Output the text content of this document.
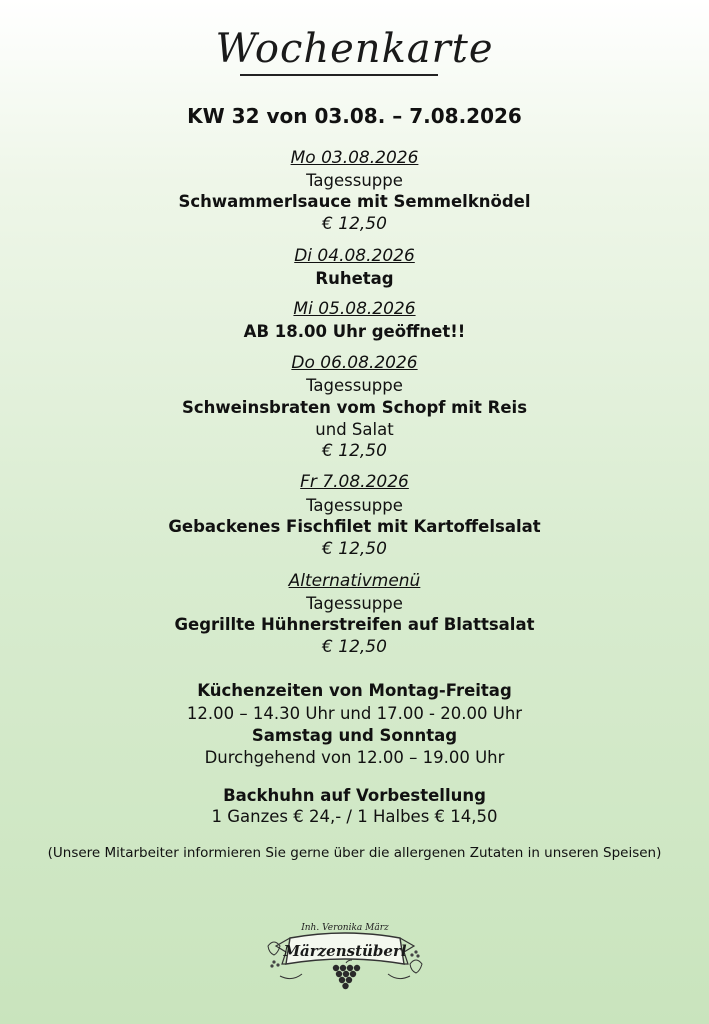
Wochenkarte
KW 32 von 03.08. – 7.08.2026
Mo 03.08.2026
Tagessuppe
Schwammerlsauce mit Semmelknödel
€ 12,50
Di 04.08.2026
Ruhetag
Mi 05.08.2026
AB 18.00 Uhr geöffnet!!
Do 06.08.2026
Tagessuppe
Schweinsbraten vom Schopf mit Reis
und Salat
€ 12,50
Fr 7.08.2026
Tagessuppe
Gebackenes Fischfilet mit Kartoffelsalat
€ 12,50
Alternativmenü
Tagessuppe
Gegrillte Hühnerstreifen auf Blattsalat
€ 12,50
Küchenzeiten von Montag-Freitag
12.00 – 14.30 Uhr und 17.00 - 20.00 Uhr
Samstag und Sonntag
Durchgehend von 12.00 – 19.00 Uhr
Backhuhn auf Vorbestellung
1 Ganzes € 24,- / 1 Halbes € 14,50
(Unsere Mitarbeiter informieren Sie gerne über die allergenen Zutaten in unseren Speisen)
Inh. Veronika März
Märzenstüberl
